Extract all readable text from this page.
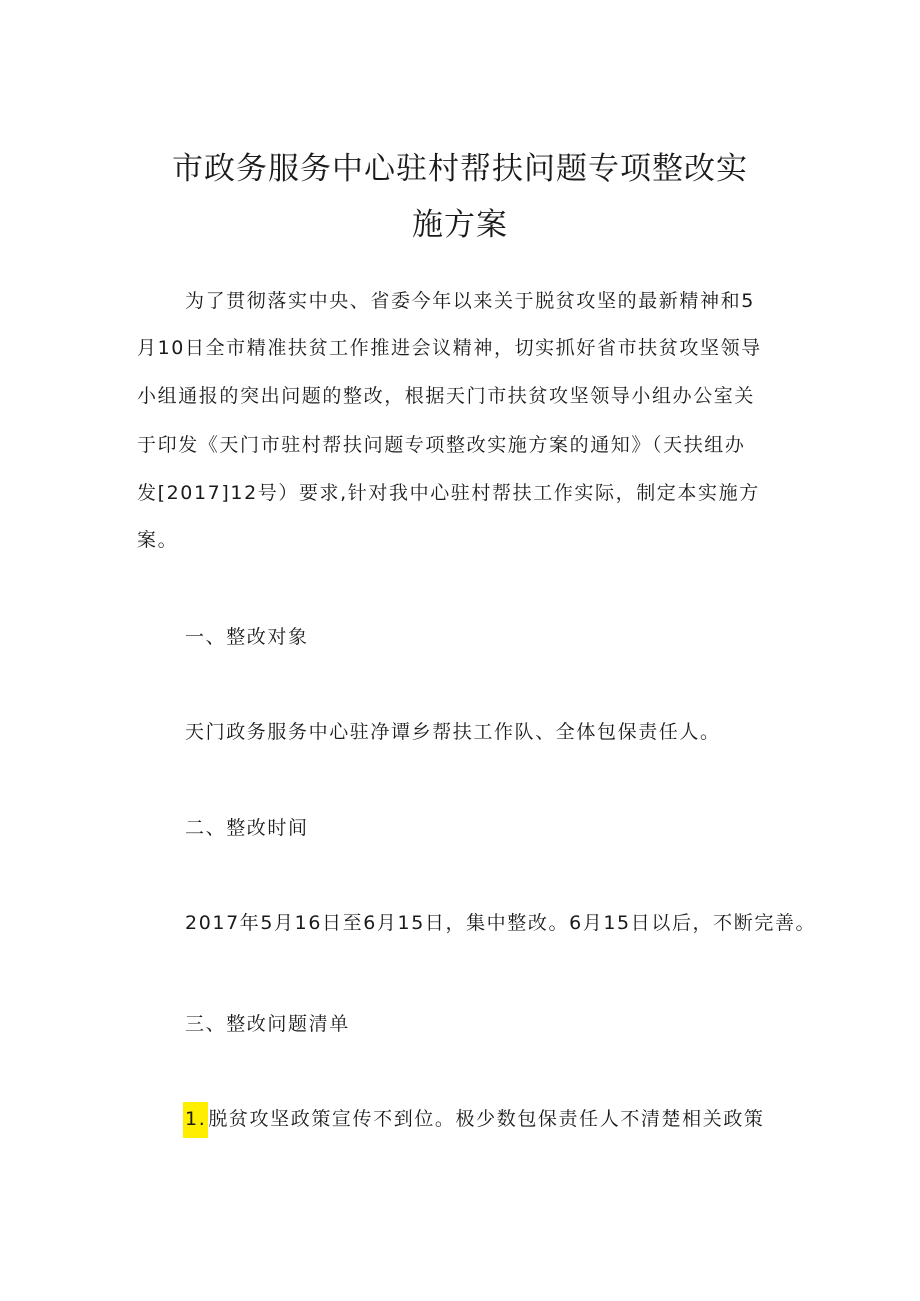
市政务服务中心驻村帮扶问题专项整改实
施方案
为了贯彻落实中央、省委今年以来关于脱贫攻坚的最新精神和5
月10日全市精准扶贫工作推进会议精神，切实抓好省市扶贫攻坚领导
小组通报的突出问题的整改，根据天门市扶贫攻坚领导小组办公室关
于印发《天门市驻村帮扶问题专项整改实施方案的通知》（天扶组办
发[2017]12号）要求,针对我中心驻村帮扶工作实际，制定本实施方
案。
一、整改对象
天门政务服务中心驻净谭乡帮扶工作队、全体包保责任人。
二、整改时间
2017年5月16日至6月15日，集中整改。6月15日以后，不断完善。
三、整改问题清单
1. 脱贫攻坚政策宣传不到位。极少数包保责任人不清楚相关政策
